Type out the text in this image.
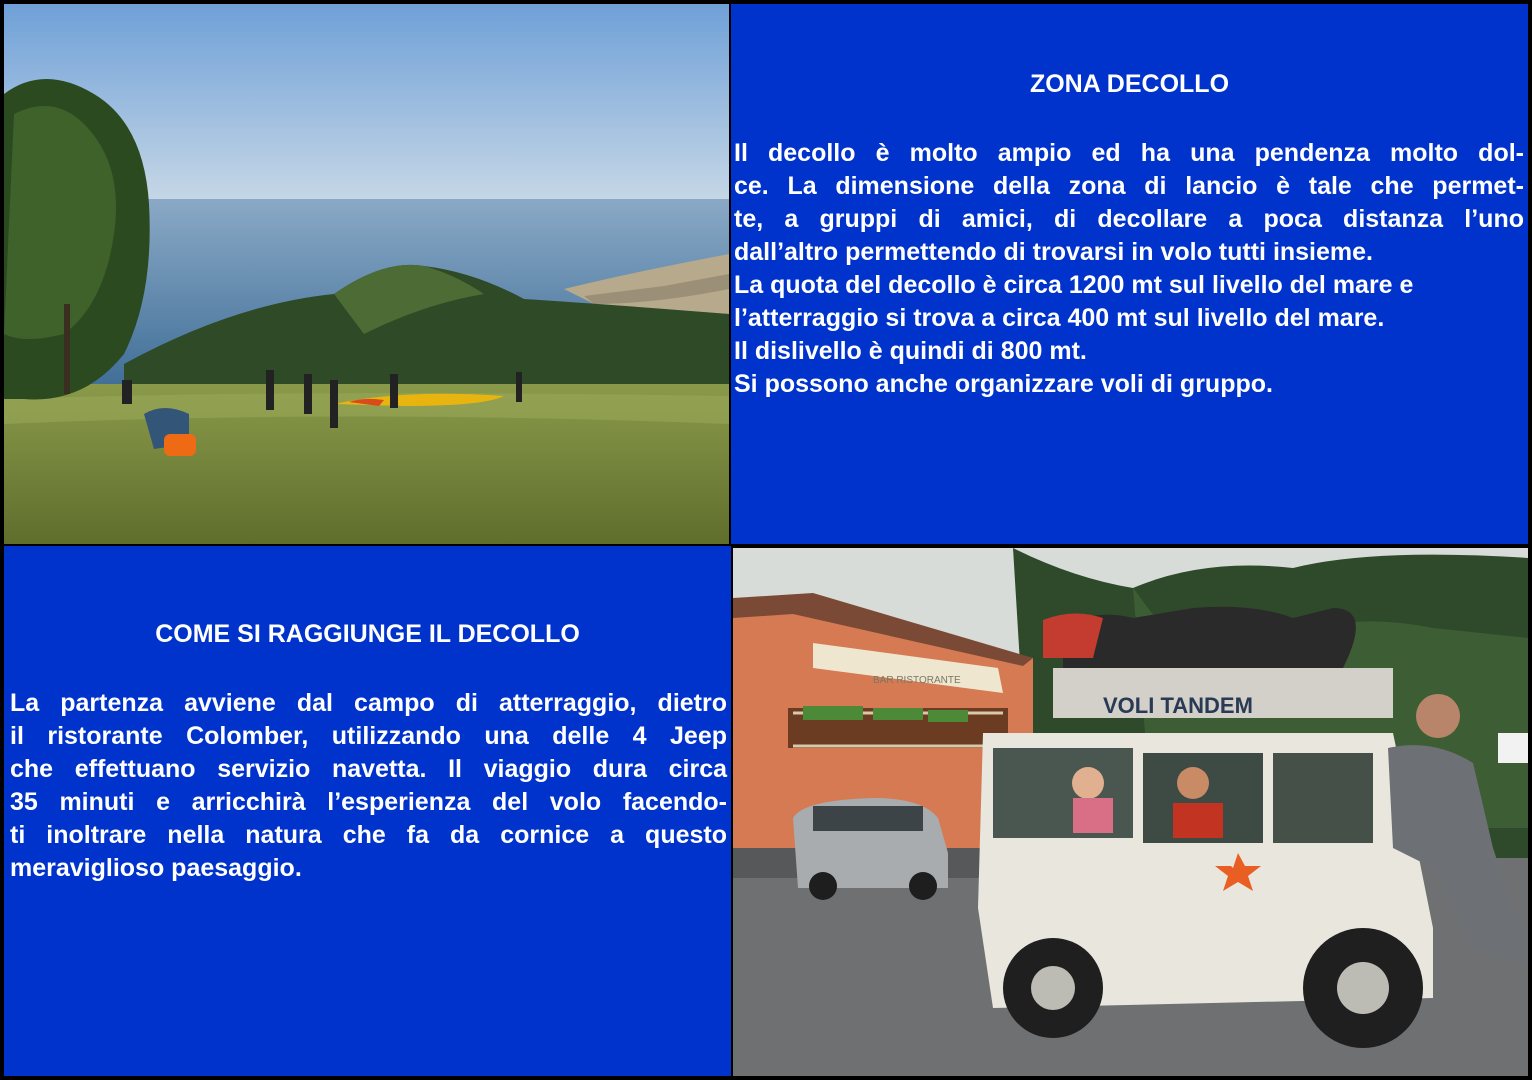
ZONA DECOLLO
Il decollo è molto ampio ed ha una pendenza molto dol-
ce. La dimensione della zona di lancio è tale che permet-
te, a gruppi di amici, di decollare a poca distanza l’uno
dall’altro permettendo di trovarsi in volo tutti insieme.
La quota del decollo è circa 1200 mt sul livello del mare e
l’atterraggio si trova a circa 400 mt sul livello del mare.
Il dislivello è quindi di 800 mt.
Si possono anche organizzare voli di gruppo.
COME SI RAGGIUNGE IL DECOLLO
La partenza avviene dal campo di atterraggio, dietro
il ristorante Colomber, utilizzando una delle 4 Jeep
che effettuano servizio navetta. Il viaggio dura circa
35 minuti e arricchirà l’esperienza del volo facendo-
ti inoltrare nella natura che fa da cornice a questo
meraviglioso paesaggio.
BAR RISTORANTE
VOLI TANDEM
